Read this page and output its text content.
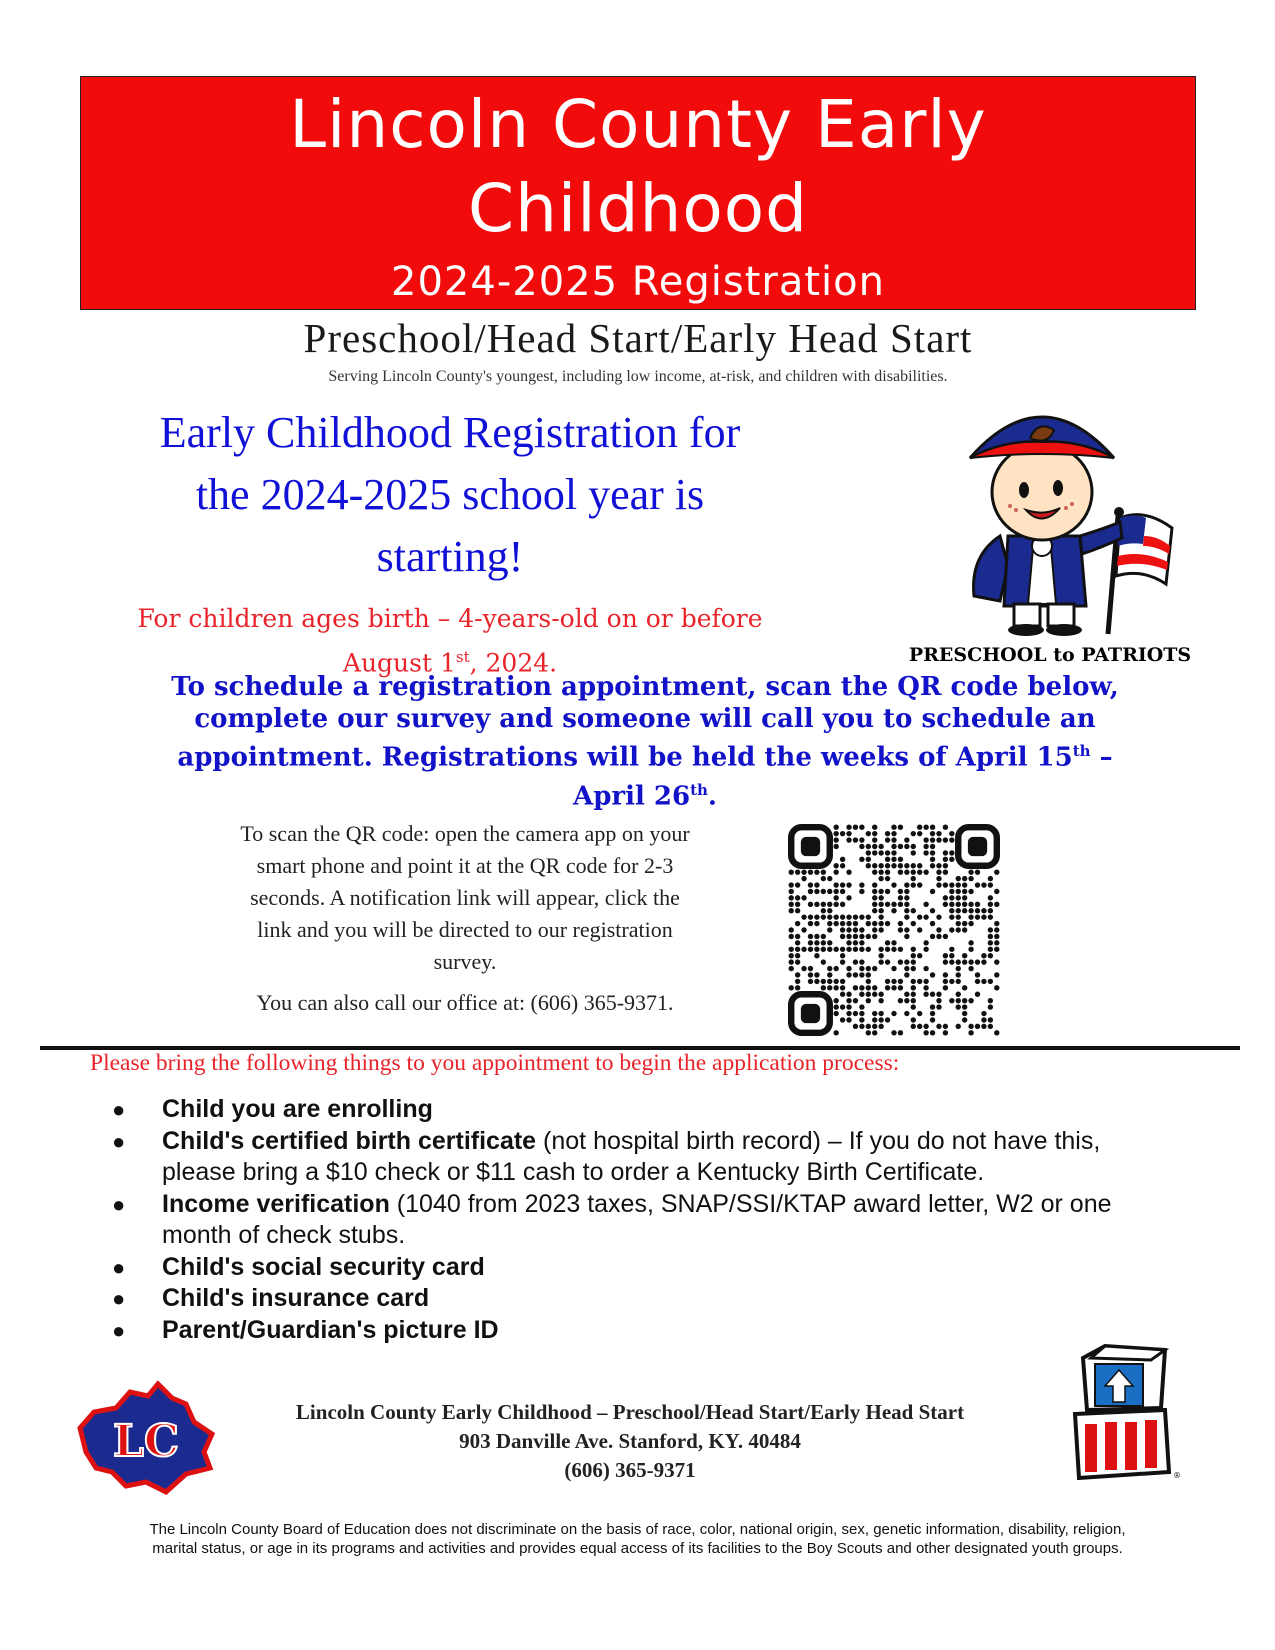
Lincoln County Early
Childhood
2024-2025 Registration
Preschool/Head Start/Early Head Start
Serving Lincoln County's youngest, including low income, at-risk, and children with disabilities.
Early Childhood Registration for
the 2024-2025 school year is
starting!
For children ages birth – 4-years-old on or before
August 1st, 2024.	PRESCHOOL to PATRIOTS
To schedule a registration appointment, scan the QR code below,
complete our survey and someone will call you to schedule an
appointment. Registrations will be held the weeks of April 15th –
April 26th.
To scan the QR code: open the camera app on your
smart phone and point it at the QR code for 2-3
seconds. A notification link will appear, click the
link and you will be directed to our registration
survey.
You can also call our office at: (606) 365-9371.
Please bring the following things to you appointment to begin the application process:
● Child you are enrolling
● Child's certified birth certificate (not hospital birth record) – If you do not have this, please bring a $10 check or $11 cash to order a Kentucky Birth Certificate.
● Income verification (1040 from 2023 taxes, SNAP/SSI/KTAP award letter, W2 or one month of check stubs.
● Child's social security card
● Child's insurance card
● Parent/Guardian's picture ID
LC
Lincoln County Early Childhood – Preschool/Head Start/Early Head Start
903 Danville Ave. Stanford, KY. 40484
(606) 365-9371	®
The Lincoln County Board of Education does not discriminate on the basis of race, color, national origin, sex, genetic information, disability, religion,
marital status, or age in its programs and activities and provides equal access of its facilities to the Boy Scouts and other designated youth groups.
